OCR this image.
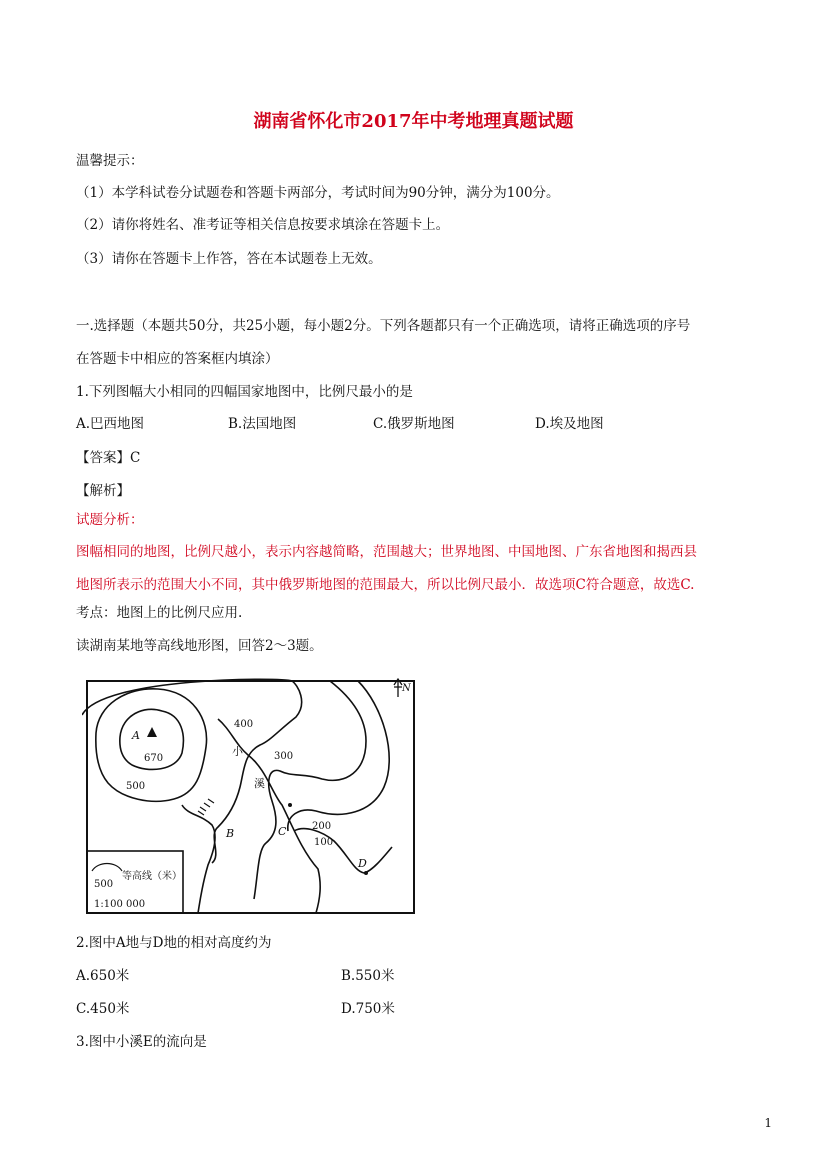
湖南省怀化市2017年中考地理真题试题
温馨提示：
（1）本学科试卷分试题卷和答题卡两部分，考试时间为90分钟，满分为100分。
（2）请你将姓名、准考证等相关信息按要求填涂在答题卡上。
（3）请你在答题卡上作答，答在本试题卷上无效。
一.选择题（本题共50分，共25小题，每小题2分。下列各题都只有一个正确选项，请将正确选项的序号
在答题卡中相应的答案框内填涂）
1.下列图幅大小相同的四幅国家地图中，比例尺最小的是
A.巴西地图	B.法国地图	C.俄罗斯地图	D.埃及地图
【答案】C
【解析】
试题分析：
图幅相同的地图，比例尺越小，表示内容越简略，范围越大；世界地图、中国地图、广东省地图和揭西县
地图所表示的范围大小不同，其中俄罗斯地图的范围最大，所以比例尺最小．故选项C符合题意，故选C.
考点：地图上的比例尺应用.
读湖南某地等高线地形图，回答2～3题。
A
670
500
400
300
200
100
小
溪
B	C
D
N
500
等高线（米）
1:100 000
2.图中A地与D地的相对高度约为
A.650米	B.550米
C.450米	D.750米
3.图中小溪E的流向是
1
